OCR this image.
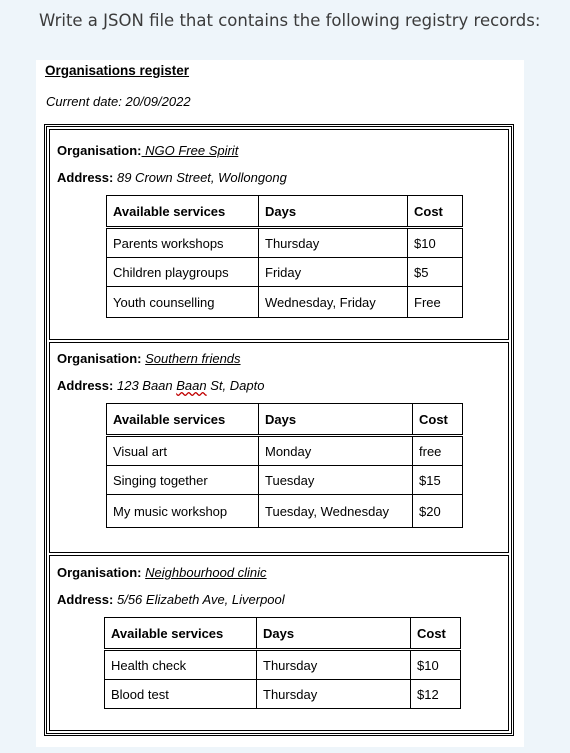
Write a JSON file that contains the following registry records:
Organisations register
Current date: 20/09/2022
Organisation: NGO Free Spirit
Address: 89 Crown Street, Wollongong
Available services	Days	Cost
Parents workshops	Thursday	$10
Children playgroups	Friday	$5
Youth counselling	Wednesday, Friday	Free
Organisation: Southern friends
Address: 123 Baan Baan St, Dapto
Available services	Days	Cost
Visual art	Monday	free
Singing together	Tuesday	$15
My music workshop	Tuesday, Wednesday	$20
Organisation: Neighbourhood clinic
Address: 5/56 Elizabeth Ave, Liverpool
Available services	Days	Cost
Health check	Thursday	$10
Blood test	Thursday	$12
